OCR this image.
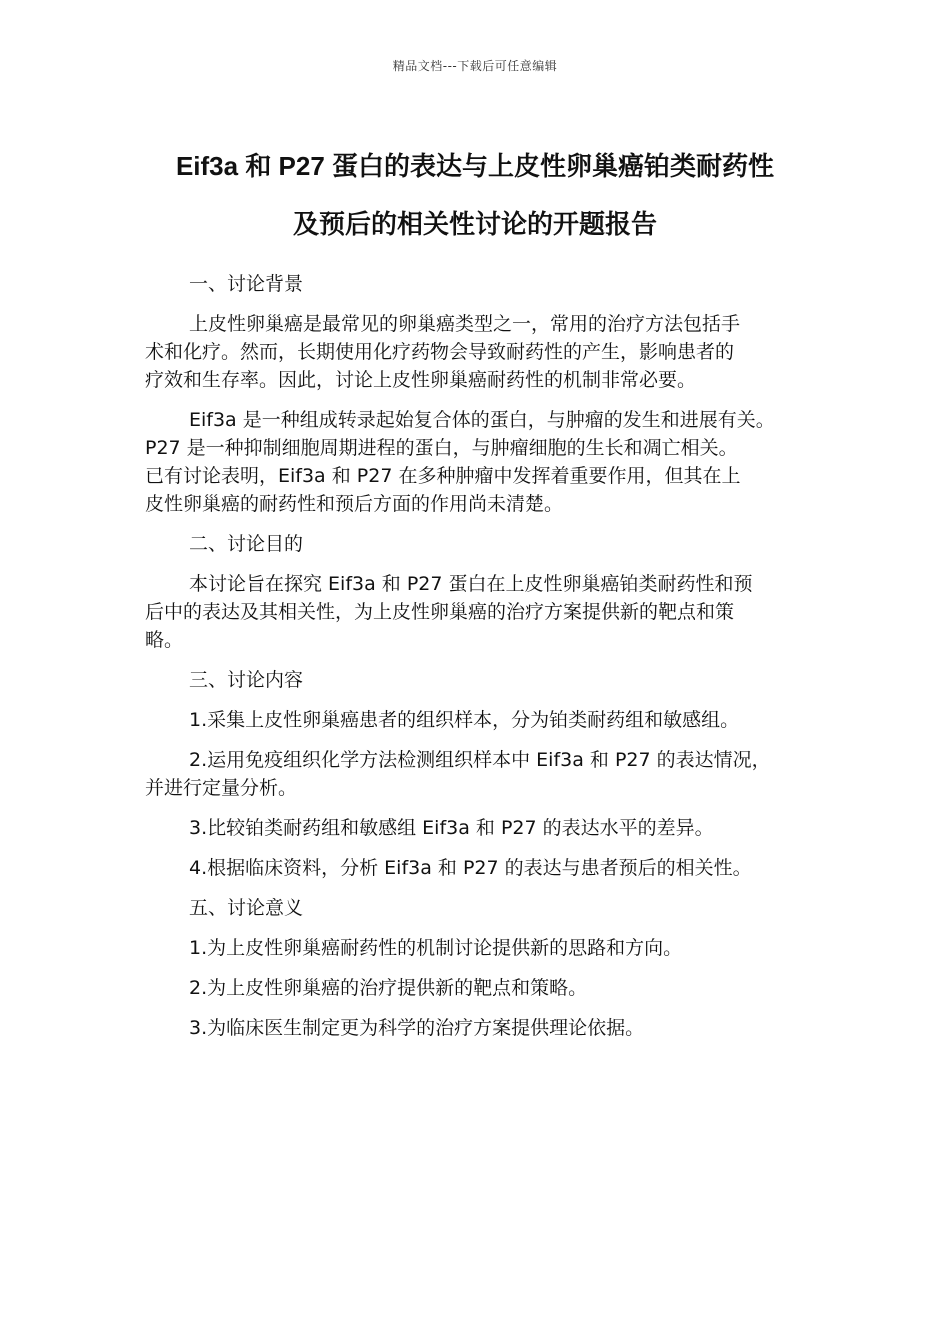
精品文档---下载后可任意编辑
Eif3a 和 P27 蛋白的表达与上皮性卵巢癌铂类耐药性
及预后的相关性讨论的开题报告

一、讨论背景

上皮性卵巢癌是最常见的卵巢癌类型之一，常用的治疗方法包括手
术和化疗。然而，长期使用化疗药物会导致耐药性的产生，影响患者的
疗效和生存率。因此，讨论上皮性卵巢癌耐药性的机制非常必要。

Eif3a 是一种组成转录起始复合体的蛋白，与肿瘤的发生和进展有关。
P27 是一种抑制细胞周期进程的蛋白，与肿瘤细胞的生长和凋亡相关。
已有讨论表明，Eif3a 和 P27 在多种肿瘤中发挥着重要作用，但其在上
皮性卵巢癌的耐药性和预后方面的作用尚未清楚。

二、讨论目的

本讨论旨在探究 Eif3a 和 P27 蛋白在上皮性卵巢癌铂类耐药性和预
后中的表达及其相关性，为上皮性卵巢癌的治疗方案提供新的靶点和策
略。

三、讨论内容

1.采集上皮性卵巢癌患者的组织样本，分为铂类耐药组和敏感组。

2.运用免疫组织化学方法检测组织样本中 Eif3a 和 P27 的表达情况，
并进行定量分析。

3.比较铂类耐药组和敏感组 Eif3a 和 P27 的表达水平的差异。

4.根据临床资料，分析 Eif3a 和 P27 的表达与患者预后的相关性。

五、讨论意义

1.为上皮性卵巢癌耐药性的机制讨论提供新的思路和方向。

2.为上皮性卵巢癌的治疗提供新的靶点和策略。

3.为临床医生制定更为科学的治疗方案提供理论依据。
